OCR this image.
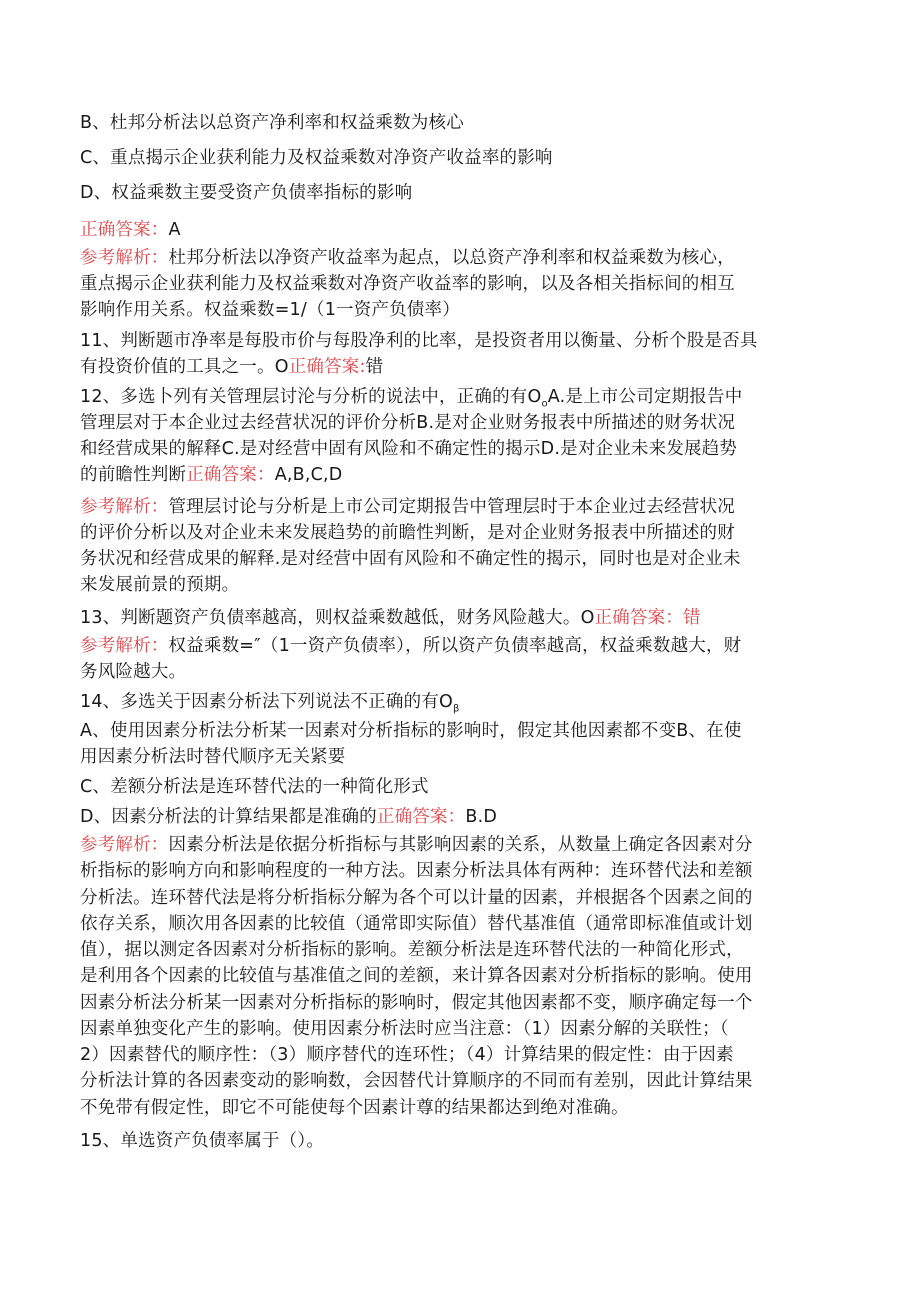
B、杜邦分析法以总资产净利率和权益乘数为核心
C、重点揭示企业获利能力及权益乘数对净资产收益率的影响
D、权益乘数主要受资产负债率指标的影响
正确答案：A
参考解析：杜邦分析法以净资产收益率为起点，以总资产净利率和权益乘数为核心，
重点揭示企业获利能力及权益乘数对净资产收益率的影响，以及各相关指标间的相互
影响作用关系。权益乘数=1/（1一资产负债率）
11、判断题市净率是每股市价与每股净利的比率，是投资者用以衡量、分析个股是否具
有投资价值的工具之一。O正确答案:错
12、多选卜列有关管理层讨沦与分析的说法中，正确的有$O_oA$.是上市公司定期报告中
管理层对于本企业过去经营状况的评价分析B.是对企业财务报表中所描述的财务状况
和经营成果的解释C.是对经营中固有风险和不确定性的揭示D.是对企业未来发展趋势
的前瞻性判断正确答案：A,B,C,D
参考解析：管理层讨论与分析是上市公司定期报告中管理层时于本企业过去经营状况
的评价分析以及对企业未来发展趋势的前瞻性判断，是对企业财务报表中所描述的财
务状况和经营成果的解释.是对经营中固有风险和不确定性的揭示，同时也是对企业未
来发展前景的预期。
13、判断题资产负债率越高，则权益乘数越低，财务风险越大。O正确答案：错
参考解析：权益乘数=″（1一资产负债率），所以资产负债率越高，权益乘数越大，财
务风险越大。
14、多选关于因素分析法下列说法不正确的有$O_\beta$
A、使用因素分析法分析某一因素对分析指标的影响时，假定其他因素都不变B、在使
用因素分析法时替代顺序无关紧要
C、差额分析法是连环替代法的一种简化形式
D、因素分析法的计算结果都是准确的正确答案：B.D
参考解析：因素分析法是依据分析指标与其影响因素的关系，从数量上确定各因素对分
析指标的影响方向和影响程度的一种方法。因素分析法具体有两种：连环替代法和差额
分析法。连环替代法是将分析指标分解为各个可以计量的因素，并根据各个因素之间的
依存关系，顺次用各因素的比较值（通常即实际值）替代基准值（通常即标准值或计划
值），据以测定各因素对分析指标的影响。差额分析法是连环替代法的一种简化形式，
是利用各个因素的比较值与基准值之间的差额，来计算各因素对分析指标的影响。使用
因素分析法分析某一因素对分析指标的影响时，假定其他因素都不变，顺序确定每一个
因素单独变化产生的影响。使用因素分析法时应当注意：（1）因素分解的关联性；（
2）因素替代的顺序性：（3）顺序替代的连环性；（4）计算结果的假定性：由于因素
分析法计算的各因素变动的影响数，会因替代计算顺序的不同而有差别，因此计算结果
不免带有假定性，即它不可能使每个因素计尊的结果都达到绝对准确。
15、单选资产负债率属于（）。
